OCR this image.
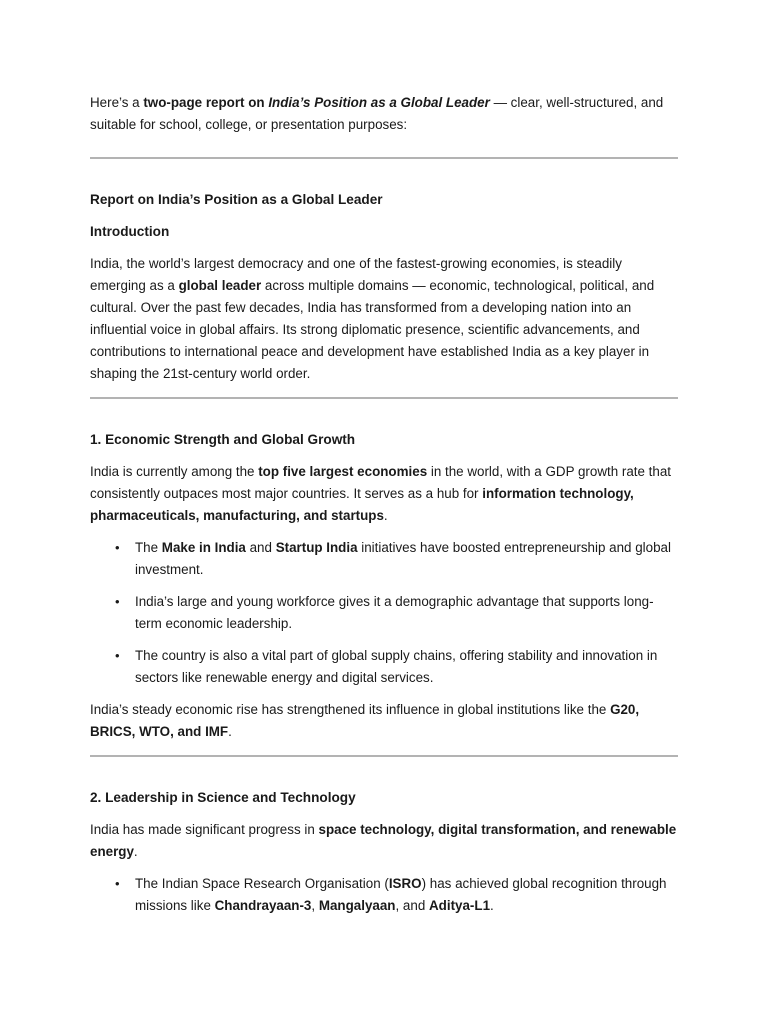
Here’s a two-page report on India’s Position as a Global Leader — clear, well-structured, and suitable for school, college, or presentation purposes:

Report on India’s Position as a Global Leader
Introduction

India, the world’s largest democracy and one of the fastest-growing economies, is steadily emerging as a global leader across multiple domains — economic, technological, political, and cultural. Over the past few decades, India has transformed from a developing nation into an influential voice in global affairs. Its strong diplomatic presence, scientific advancements, and contributions to international peace and development have established India as a key player in shaping the 21st-century world order.

1. Economic Strength and Global Growth

India is currently among the top five largest economies in the world, with a GDP growth rate that consistently outpaces most major countries. It serves as a hub for information technology, pharmaceuticals, manufacturing, and startups.

• The Make in India and Startup India initiatives have boosted entrepreneurship and global investment.
• India’s large and young workforce gives it a demographic advantage that supports long-term economic leadership.
• The country is also a vital part of global supply chains, offering stability and innovation in sectors like renewable energy and digital services.

India’s steady economic rise has strengthened its influence in global institutions like the G20, BRICS, WTO, and IMF.

2. Leadership in Science and Technology

India has made significant progress in space technology, digital transformation, and renewable energy.

• The Indian Space Research Organisation (ISRO) has achieved global recognition through missions like Chandrayaan-3, Mangalyaan, and Aditya-L1.
